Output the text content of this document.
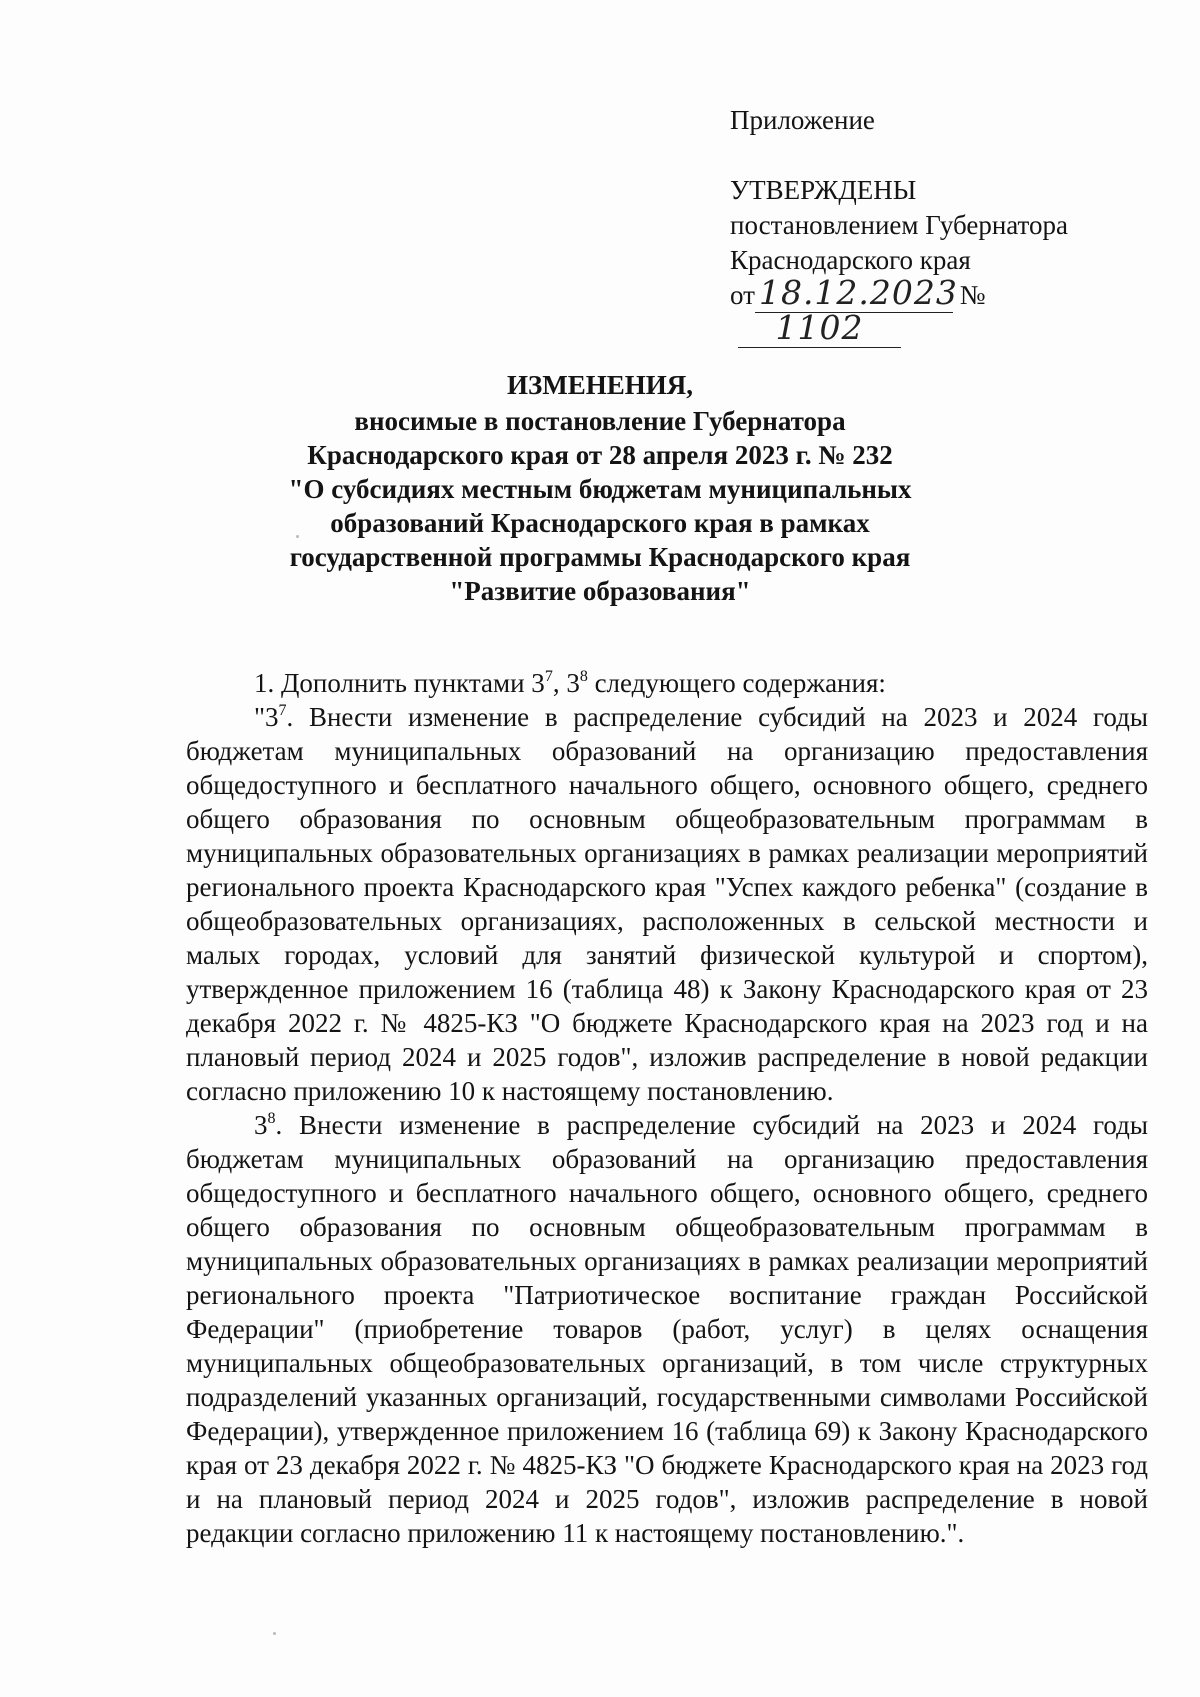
Приложение
УТВЕРЖДЕНЫ
постановлением Губернатора
Краснодарского края
от 18.12.2023 №1102
ИЗМЕНЕНИЯ,
вносимые в постановление Губернатора
Краснодарского края от 28 апреля 2023 г. № 232
"О субсидиях местным бюджетам муниципальных
образований Краснодарского края в рамках
государственной программы Краснодарского края
"Развитие образования"

1. Дополнить пунктами $3^7$, $3^8$ следующего содержания:

"$3^7$. Внести изменение в распределение субсидий на 2023 и 2024 годы бюджетам муниципальных образований на организацию предоставления общедоступного и бесплатного начального общего, основного общего, среднего общего образования по основным общеобразовательным программам в муниципальных образовательных организациях в рамках реализации мероприятий регионального проекта Краснодарского края "Успех каждого ребенка" (создание в общеобразовательных организациях, расположенных в сельской местности и малых городах, условий для занятий физической культурой и спортом), утвержденное приложением 16 (таблица 48) к Закону Краснодарского края от 23 декабря 2022 г. № 4825-КЗ "О бюджете Краснодарского края на 2023 год и на плановый период 2024 и 2025 годов", изложив распределение в новой редакции согласно приложению 10 к настоящему постановлению.

$3^8$. Внести изменение в распределение субсидий на 2023 и 2024 годы бюджетам муниципальных образований на организацию предоставления общедоступного и бесплатного начального общего, основного общего, среднего общего образования по основным общеобразовательным программам в муниципальных образовательных организациях в рамках реализации мероприятий регионального проекта "Патриотическое воспитание граждан Российской Федерации" (приобретение товаров (работ, услуг) в целях оснащения муниципальных общеобразовательных организаций, в том числе структурных подразделений указанных организаций, государственными символами Российской Федерации), утвержденное приложением 16 (таблица 69) к Закону Краснодарского края от 23 декабря 2022 г. № 4825-КЗ "О бюджете Краснодарского края на 2023 год и на плановый период 2024 и 2025 годов", изложив распределение в новой редакции согласно приложению 11 к настоящему постановлению.".
